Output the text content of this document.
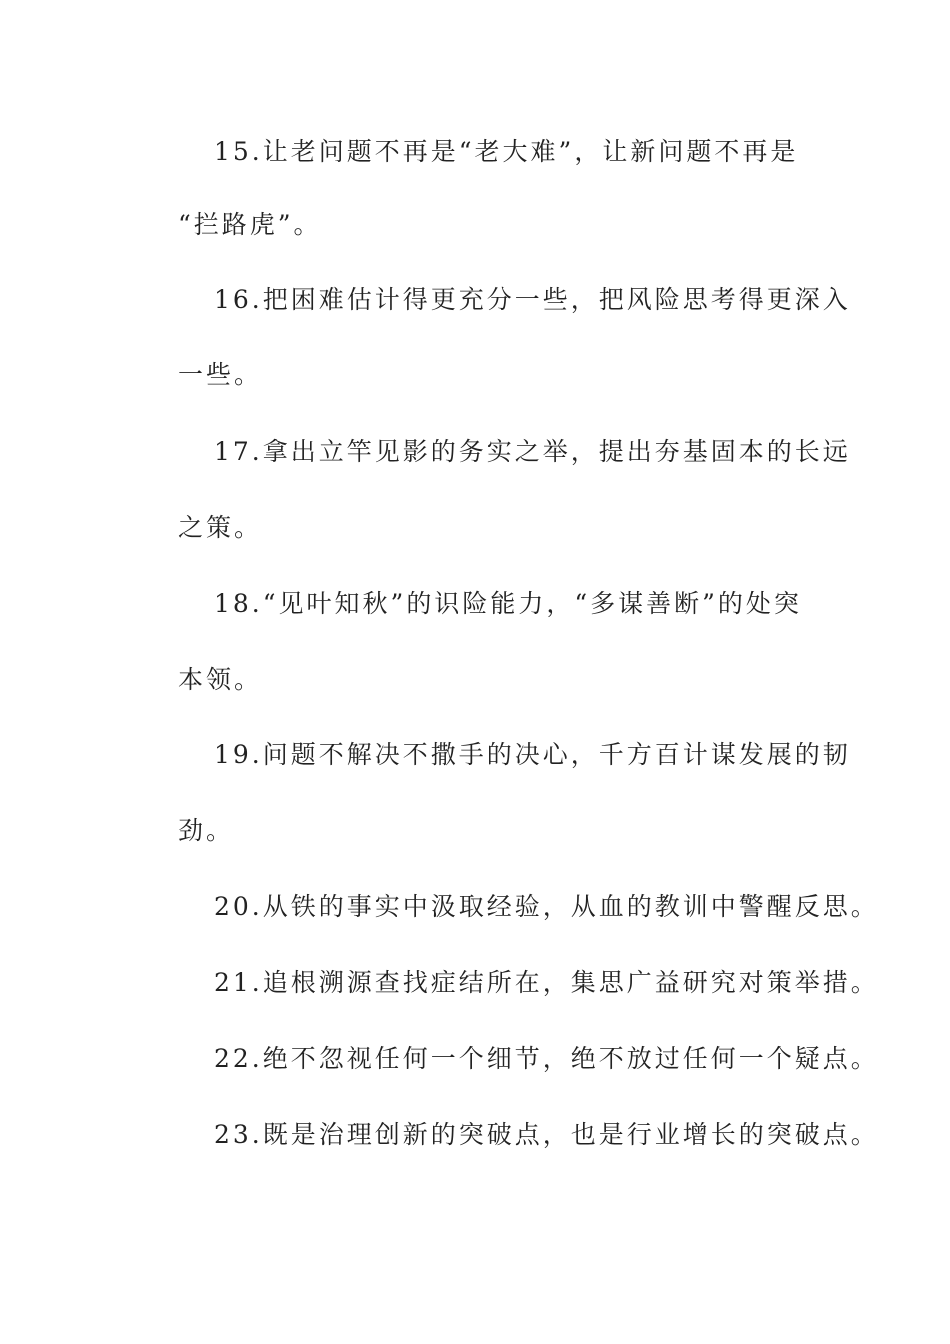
15.让老问题不再是“老大难”，让新问题不再是
“拦路虎”。
16.把困难估计得更充分一些，把风险思考得更深入
一些。
17.拿出立竿见影的务实之举，提出夯基固本的长远
之策。
18.“见叶知秋”的识险能力，“多谋善断”的处突
本领。
19.问题不解决不撒手的决心，千方百计谋发展的韧
劲。
20.从铁的事实中汲取经验，从血的教训中警醒反思。
21.追根溯源查找症结所在，集思广益研究对策举措。
22.绝不忽视任何一个细节，绝不放过任何一个疑点。
23.既是治理创新的突破点，也是行业增长的突破点。
